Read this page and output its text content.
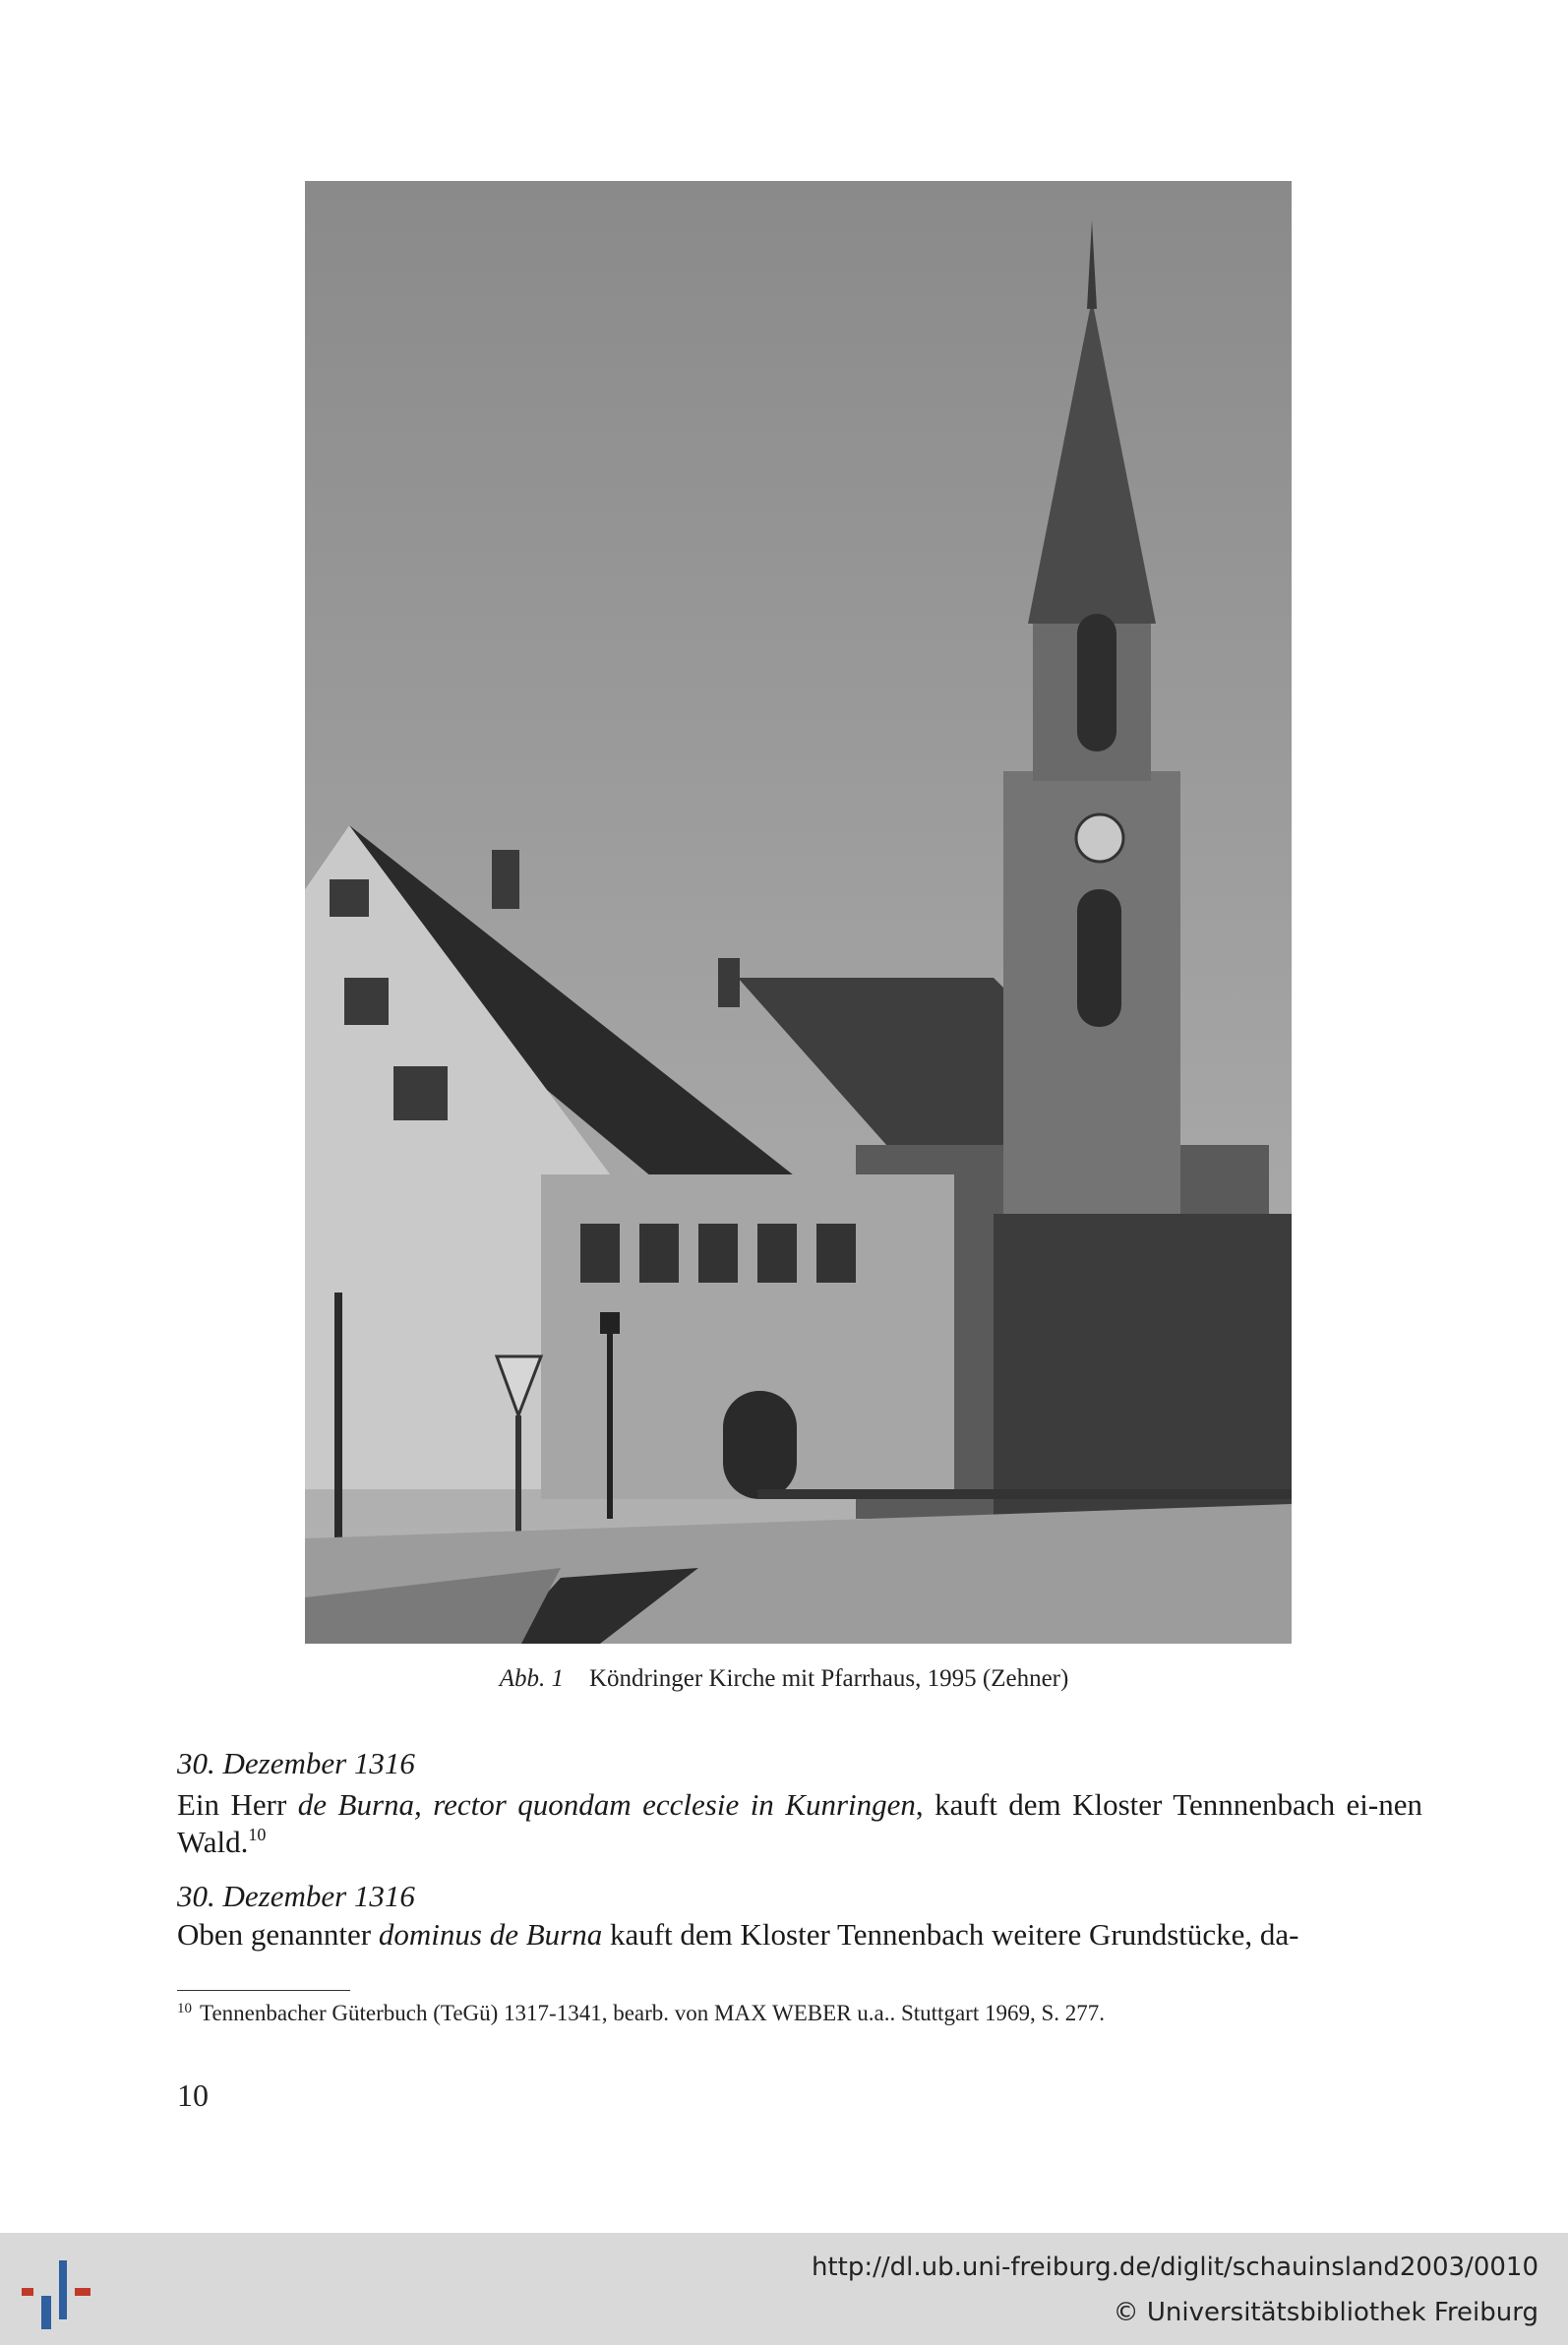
Abb. 1 Köndringer Kirche mit Pfarrhaus, 1995 (Zehner)
30. Dezember 1316
Ein Herr de Burna, rector quondam ecclesie in Kunringen, kauft dem Kloster Tennnenbach ei-nen Wald.$^{10}$
30. Dezember 1316
Oben genannter dominus de Burna kauft dem Kloster Tennenbach weitere Grundstücke, da-
$^{10}$ Tennenbacher Güterbuch (TeGü) 1317-1341, bearb. von MAX WEBER u.a.. Stuttgart 1969, S. 277.
10
http://dl.ub.uni-freiburg.de/diglit/schauinsland2003/0010
© Universitätsbibliothek Freiburg
